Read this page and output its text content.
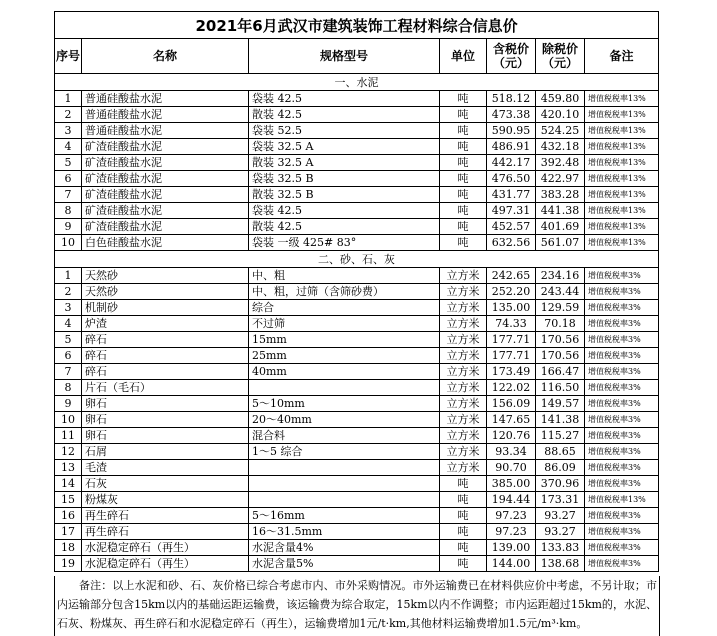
2021年6月武汉市建筑装饰工程材料综合信息价						
序号	名称	规格型号	单位	含税价（元）	除税价（元）	备注
一、水泥						
1	普通硅酸盐水泥	袋装 42.5	吨	518.12	459.80	增值税税率13%
2	普通硅酸盐水泥	散装 42.5	吨	473.38	420.10	增值税税率13%
3	普通硅酸盐水泥	袋装 52.5	吨	590.95	524.25	增值税税率13%
4	矿渣硅酸盐水泥	袋装 32.5 A	吨	486.91	432.18	增值税税率13%
5	矿渣硅酸盐水泥	散装 32.5 A	吨	442.17	392.48	增值税税率13%
6	矿渣硅酸盐水泥	袋装 32.5 B	吨	476.50	422.97	增值税税率13%
7	矿渣硅酸盐水泥	散装 32.5 B	吨	431.77	383.28	增值税税率13%
8	矿渣硅酸盐水泥	袋装 42.5	吨	497.31	441.38	增值税税率13%
9	矿渣硅酸盐水泥	散装 42.5	吨	452.57	401.69	增值税税率13%
10	白色硅酸盐水泥	袋装 一级 425# 83°	吨	632.56	561.07	增值税税率13%
二、砂、石、灰						
1	天然砂	中、粗	立方米	242.65	234.16	增值税税率3%
2	天然砂	中、粗，过筛（含筛砂费）	立方米	252.20	243.44	增值税税率3%
3	机制砂	综合	立方米	135.00	129.59	增值税税率3%
4	炉渣	不过筛	立方米	74.33	70.18	增值税税率3%
5	碎石	15mm	立方米	177.71	170.56	增值税税率3%
6	碎石	25mm	立方米	177.71	170.56	增值税税率3%
7	碎石	40mm	立方米	173.49	166.47	增值税税率3%
8	片石（毛石）		立方米	122.02	116.50	增值税税率3%
9	卵石	5～10mm	立方米	156.09	149.57	增值税税率3%
10	卵石	20～40mm	立方米	147.65	141.38	增值税税率3%
11	卵石	混合料	立方米	120.76	115.27	增值税税率3%
12	石屑	1～5 综合	立方米	93.34	88.65	增值税税率3%
13	毛渣		立方米	90.70	86.09	增值税税率3%
14	石灰		吨	385.00	370.96	增值税税率3%
15	粉煤灰		吨	194.44	173.31	增值税税率13%
16	再生碎石	5～16mm	吨	97.23	93.27	增值税税率3%
17	再生碎石	16～31.5mm	吨	97.23	93.27	增值税税率3%
18	水泥稳定碎石（再生）	水泥含量4%	吨	139.00	133.83	增值税税率3%
19	水泥稳定碎石（再生）	水泥含量5%	吨	144.00	138.68	增值税税率3%

备注：以上水泥和砂、石、灰价格已综合考虑市内、市外采购情况。市外运输费已在材料供应价中考虑，不另计取；市内运输部分包含15km以内的基础运距运输费，该运输费为综合取定，15km以内不作调整；市内运距超过15km的，水泥、石灰、粉煤灰、再生碎石和水泥稳定碎石（再生），运输费增加1元/t·km,其他材料运输费增加1.5元/m³·km。
